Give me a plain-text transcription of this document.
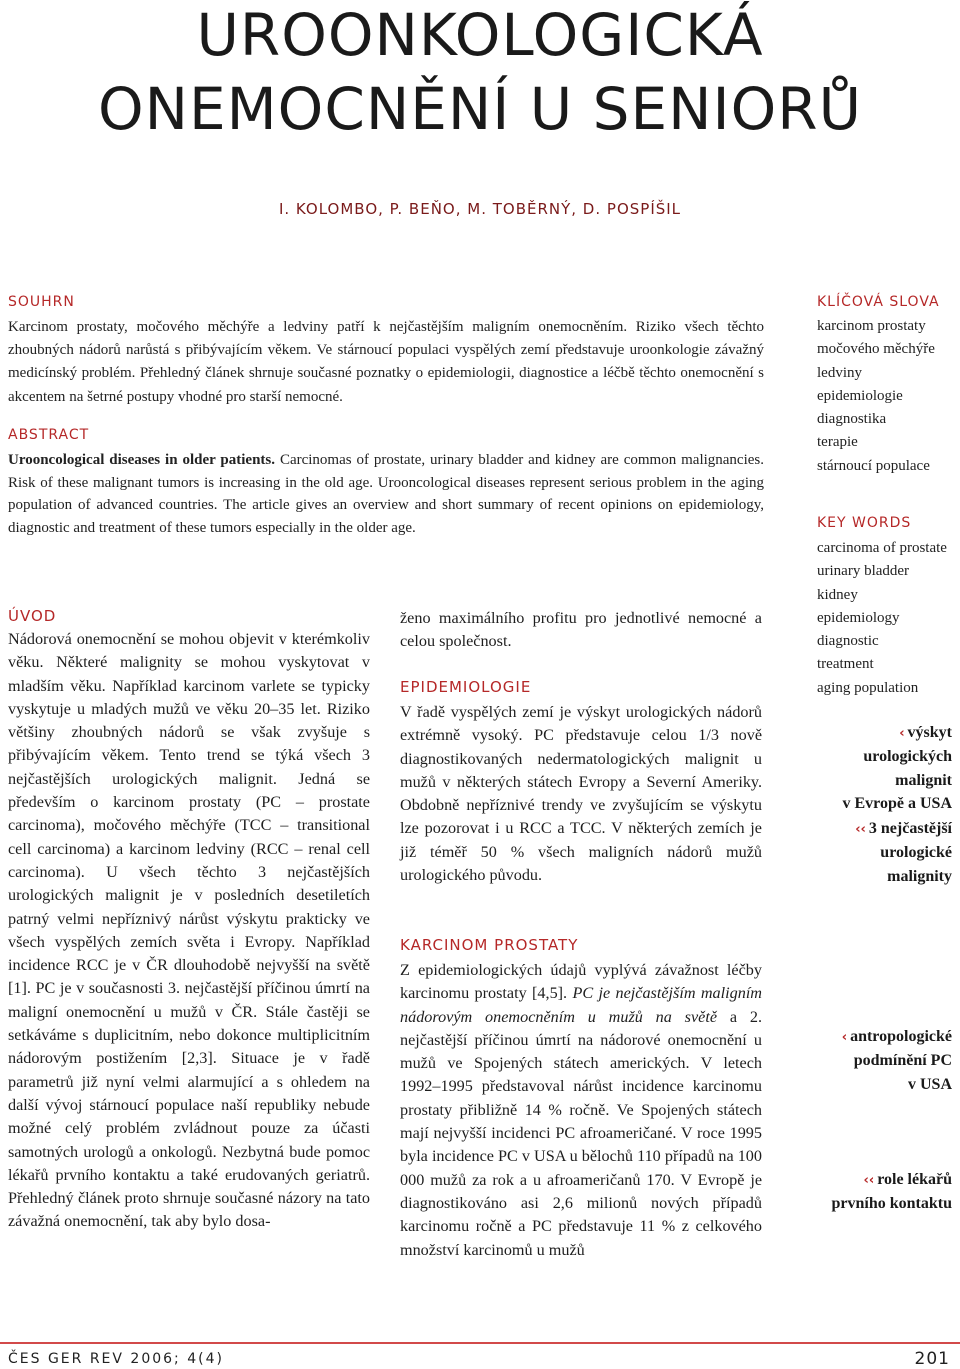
UROONKOLOGICKÁ
ONEMOCNĚNÍ U SENIORŮ
I. KOLOMBO, P. BEŇO, M. TOBĚRNÝ, D. POSPÍŠIL
SOUHRN

Karcinom prostaty, močového měchýře a ledviny patří k nejčastějším maligním onemocněním. Riziko všech těchto zhoubných nádorů narůstá s přibývajícím věkem. Ve stárnoucí populaci vyspělých zemí představuje uroonkologie závažný medicínský problém. Přehledný článek shrnuje současné poznatky o epidemiologii, diagnostice a léčbě těchto onemocnění s akcentem na šetrné postupy vhodné pro starší nemocné.

ABSTRACT

Urooncological diseases in older patients. Carcinomas of prostate, urinary bladder and kidney are common malignancies. Risk of these malignant tumors is increasing in the old age. Urooncological diseases represent serious problem in the aging population of advanced countries. The article gives an overview and short summary of recent opinions on epidemiology, diagnostic and treatment of these tumors especially in the older age.

KLÍČOVÁ SLOVA
karcinom prostaty
močového měchýře
ledviny
epidemiologie
diagnostika
terapie
stárnoucí populace
KEY WORDS
carcinoma of prostate
urinary bladder
kidney
epidemiology
diagnostic
treatment
aging population
ÚVOD

Nádorová onemocnění se mohou objevit v kterémkoliv věku. Některé malignity se mohou vyskytovat v mladším věku. Například karcinom varlete se typicky vyskytuje u mladých mužů ve věku 20–35 let. Riziko většiny zhoubných nádorů se však zvyšuje s přibývajícím věkem. Tento trend se týká všech 3 nejčastějších urologických malignit. Jedná se především o karcinom prostaty (PC – prostate carcinoma), močového měchýře (TCC – transitional cell carcinoma) a karcinom ledviny (RCC – renal cell carcinoma). U všech těchto 3 nejčastějších urologických malignit je v posledních desetiletích patrný velmi nepříznivý nárůst výskytu prakticky ve všech vyspělých zemích světa i Evropy. Například incidence RCC je v ČR dlouhodobě nejvyšší na světě [1]. PC je v současnosti 3. nejčastější příčinou úmrtí na maligní onemocnění u mužů v ČR. Stále častěji se setkáváme s duplicitním, nebo dokonce multiplicitním nádorovým postižením [2,3]. Situace je v řadě parametrů již nyní velmi alarmující a s ohledem na další vývoj stárnoucí populace naší republiky nebude možné celý problém zvládnout pouze za účasti samotných urologů a onkologů. Nezbytná bude pomoc lékařů prvního kontaktu a také erudovaných geriatrů. Přehledný článek proto shrnuje současné názory na tato závažná onemocnění, tak aby bylo dosa-

ženo maximálního profitu pro jednotlivé nemocné a celou společnost.

EPIDEMIOLOGIE

V řadě vyspělých zemí je výskyt urologických nádorů extrémně vysoký. PC představuje celou 1/3 nově diagnostikovaných nedermatologických malignit u mužů v některých státech Evropy a Severní Ameriky. Obdobně nepříznivé trendy ve zvyšujícím se výskytu lze pozorovat i u RCC a TCC. V některých zemích je již téměř 50 % všech maligních nádorů mužů urologického původu.

KARCINOM PROSTATY

Z epidemiologických údajů vyplývá závažnost léčby karcinomu prostaty [4,5]. PC je nejčastějším maligním nádorovým onemocněním u mužů na světě a 2. nejčastější příčinou úmrtí na nádorové onemocnění u mužů ve Spojených státech amerických. V letech 1992–1995 představoval nárůst incidence karcinomu prostaty přibližně 14 % ročně. Ve Spojených státech mají nejvyšší incidenci PC afroameričané. V roce 1995 byla incidence PC v USA u bělochů 110 případů na 100 000 mužů za rok a u afroameričanů 170. V Evropě je diagnostikováno asi 2,6 milionů nových případů karcinomu ročně a PC představuje 11 % z celkového množství karcinomů u mužů

‹ výskyt
urologických
malignit
v Evropě a USA
‹‹ 3 nejčastější
urologické
malignity
‹ antropologické
podmínění PC
v USA
‹‹ role lékařů
prvního kontaktu
ČES GER REV 2006; 4(4)	201
